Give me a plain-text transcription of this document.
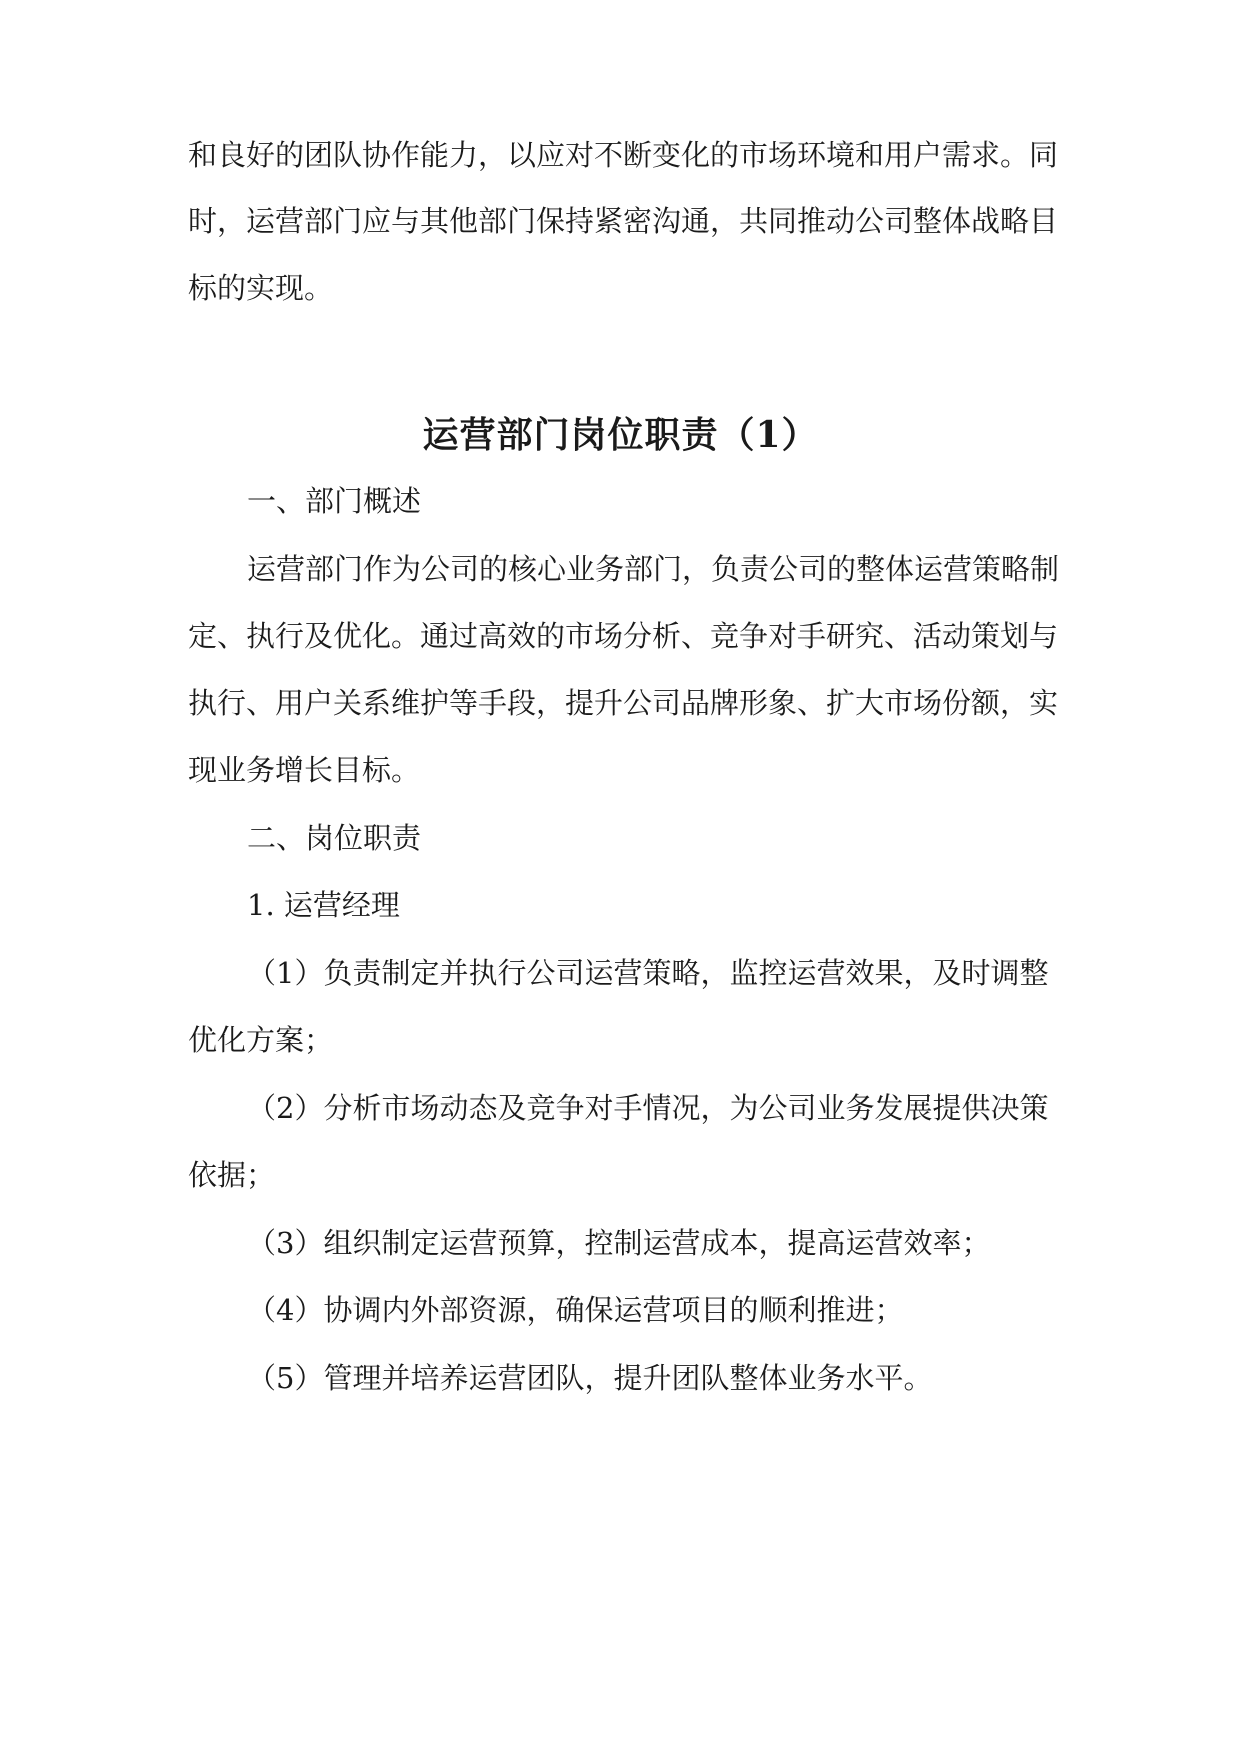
和良好的团队协作能力，以应对不断变化的市场环境和用户需求。同
时，运营部门应与其他部门保持紧密沟通，共同推动公司整体战略目
标的实现。
运营部门岗位职责（1）
一、部门概述
运营部门作为公司的核心业务部门，负责公司的整体运营策略制
定、执行及优化。通过高效的市场分析、竞争对手研究、活动策划与
执行、用户关系维护等手段，提升公司品牌形象、扩大市场份额，实
现业务增长目标。
二、岗位职责
1. 运营经理
（1）负责制定并执行公司运营策略，监控运营效果，及时调整
优化方案；
（2）分析市场动态及竞争对手情况，为公司业务发展提供决策
依据；
（3）组织制定运营预算，控制运营成本，提高运营效率；
（4）协调内外部资源，确保运营项目的顺利推进；
（5）管理并培养运营团队，提升团队整体业务水平。
